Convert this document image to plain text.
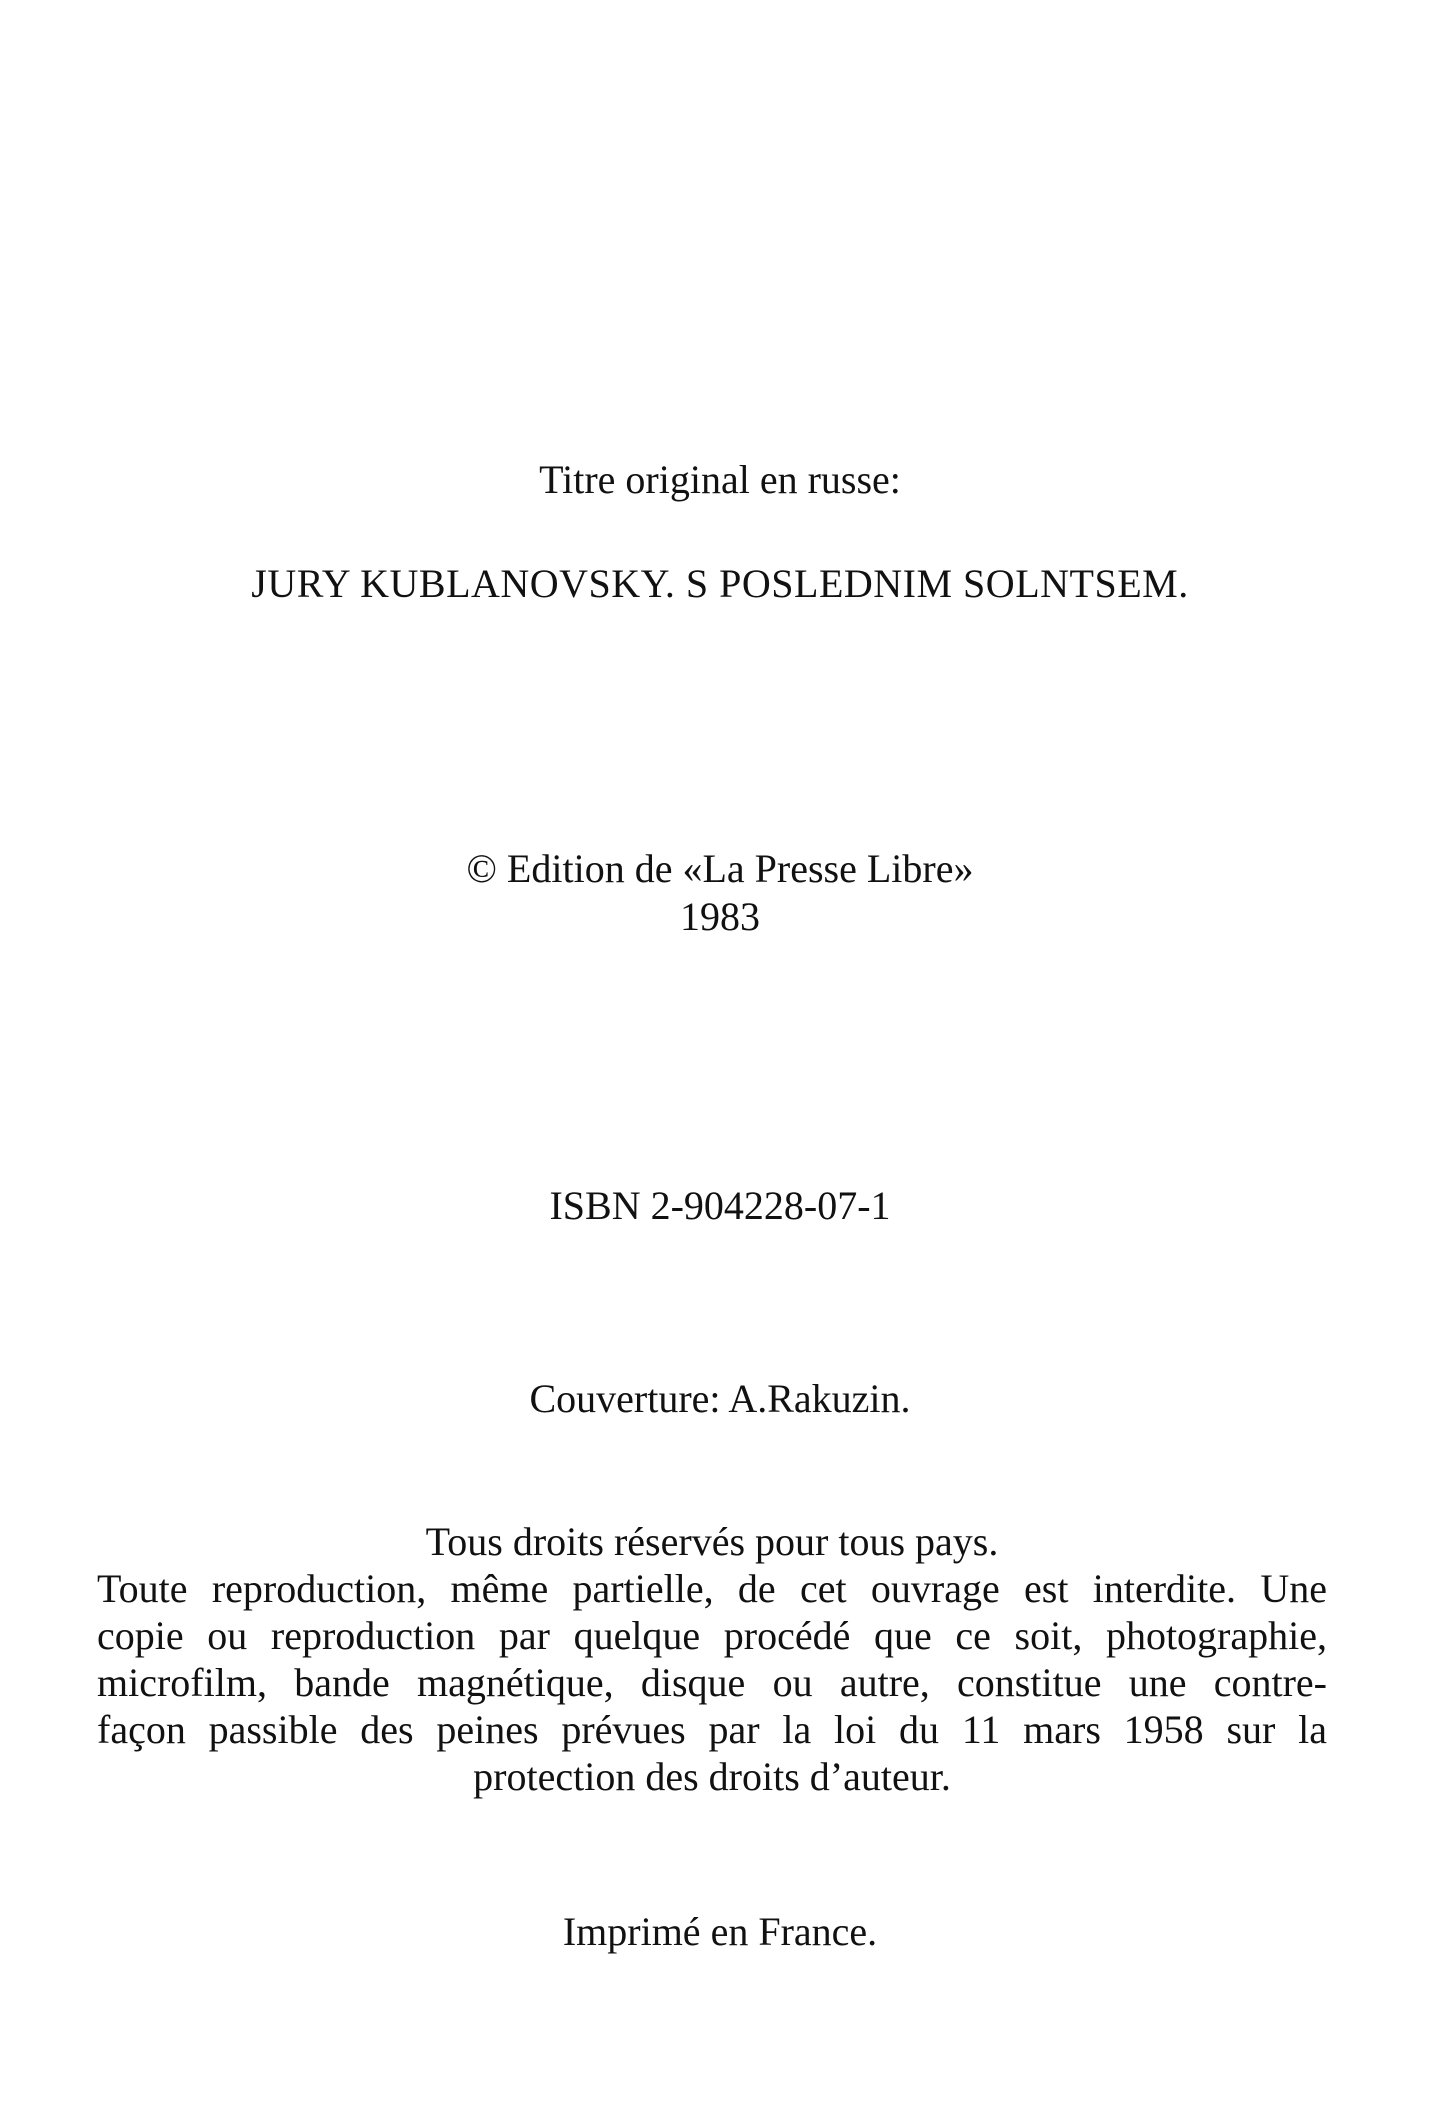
Titre original en russe:
JURY KUBLANOVSKY. S POSLEDNIM SOLNTSEM.
© Edition de «La Presse Libre»
1983
ISBN 2-904228-07-1
Couverture: A.Rakuzin.
Tous droits réservés pour tous pays.
Toute reproduction, même partielle, de cet ouvrage est interdite. Une
copie ou reproduction par quelque procédé que ce soit, photographie,
microfilm, bande magnétique, disque ou autre, constitue une contre-
façon passible des peines prévues par la loi du 11 mars 1958 sur la
protection des droits d’auteur.
Imprimé en France.
